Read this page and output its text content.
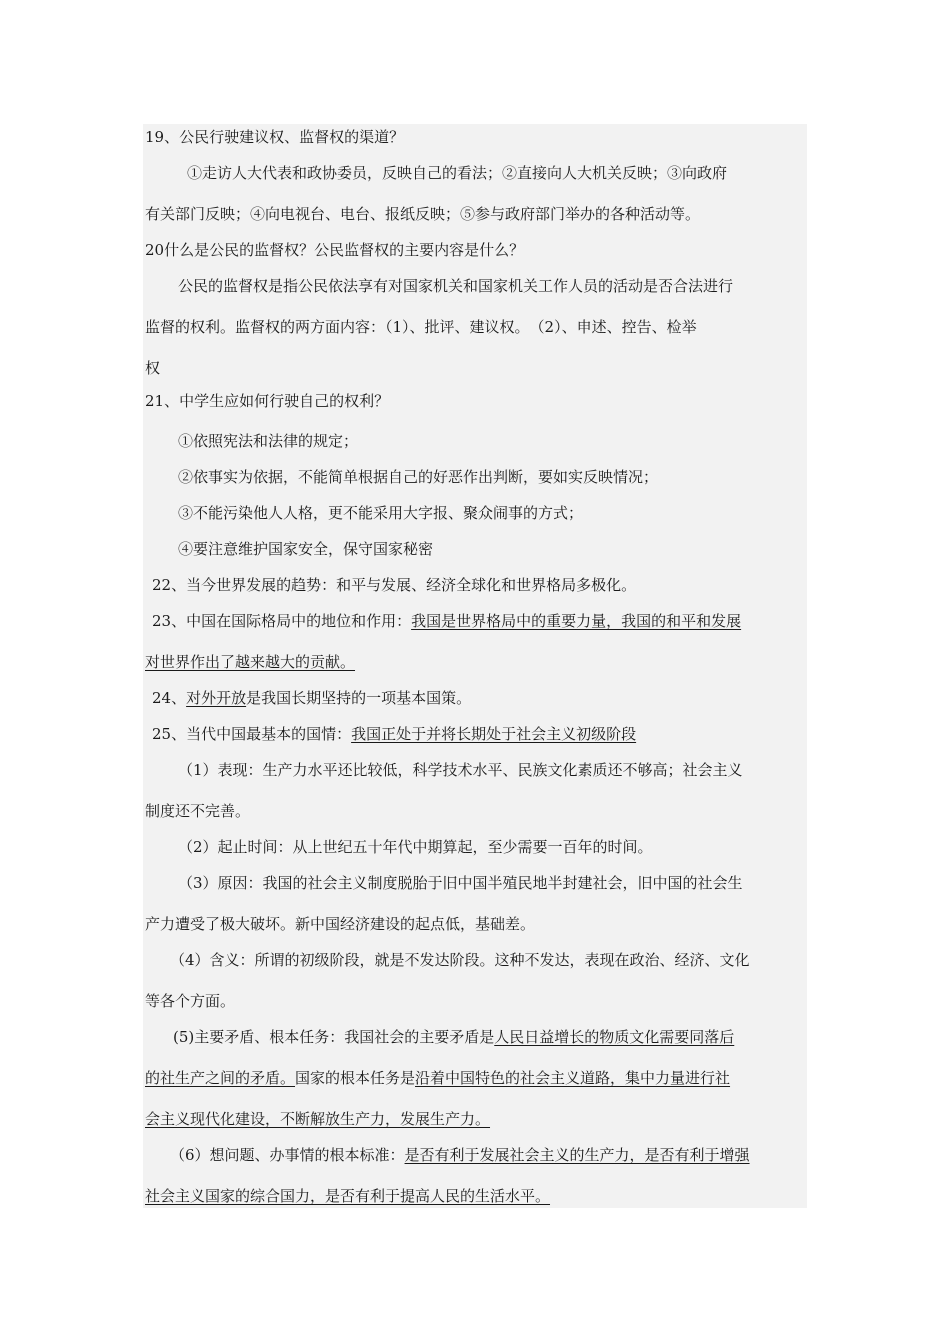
19、公民行驶建议权、监督权的渠道？
①走访人大代表和政协委员，反映自己的看法；②直接向人大机关反映；③向政府
有关部门反映；④向电视台、电台、报纸反映；⑤参与政府部门举办的各种活动等。
20什么是公民的监督权？公民监督权的主要内容是什么？
公民的监督权是指公民依法享有对国家机关和国家机关工作人员的活动是否合法进行
监督的权利。监督权的两方面内容：（1）、批评、建议权。　（2）、申述、控告、检举
权
21、中学生应如何行驶自己的权利？
①依照宪法和法律的规定；
②依事实为依据，不能简单根据自己的好恶作出判断，要如实反映情况；
③不能污染他人人格，更不能采用大字报、聚众闹事的方式；
④要注意维护国家安全，保守国家秘密
22、当今世界发展的趋势：和平与发展、经济全球化和世界格局多极化。
23、中国在国际格局中的地位和作用：我国是世界格局中的重要力量，我国的和平和发展
对世界作出了越来越大的贡献。
24、对外开放是我国长期坚持的一项基本国策。
25、当代中国最基本的国情：我国正处于并将长期处于社会主义初级阶段
（1）表现：生产力水平还比较低，科学技术水平、民族文化素质还不够高；社会主义
制度还不完善。
（2）起止时间：从上世纪五十年代中期算起，至少需要一百年的时间。
（3）原因：我国的社会主义制度脱胎于旧中国半殖民地半封建社会，旧中国的社会生
产力遭受了极大破坏。新中国经济建设的起点低，基础差。
（4）含义：所谓的初级阶段，就是不发达阶段。这种不发达，表现在政治、经济、文化
等各个方面。
(5)主要矛盾、根本任务：我国社会的主要矛盾是人民日益增长的物质文化需要同落后
的社生产之间的矛盾。国家的根本任务是沿着中国特色的社会主义道路，集中力量进行社
会主义现代化建设，不断解放生产力，发展生产力。
（6）想问题、办事情的根本标准：是否有利于发展社会主义的生产力，是否有利于增强
社会主义国家的综合国力，是否有利于提高人民的生活水平。
